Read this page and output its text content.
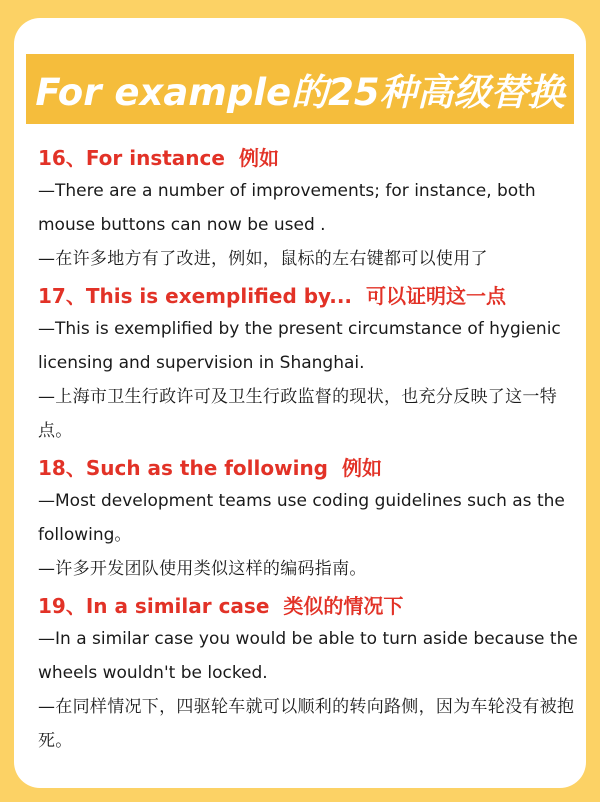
For example的25种高级替换
16、For instance 例如
—There are a number of improvements; for instance, both mouse buttons can now be used .
—在许多地方有了改进，例如，鼠标的左右键都可以使用了
17、This is exemplified by... 可以证明这一点
—This is exemplified by the present circumstance of hygienic licensing and supervision in Shanghai.
—上海市卫生行政许可及卫生行政监督的现状，也充分反映了这一特点。
18、Such as the following 例如
—Most development teams use coding guidelines such as the following。
—许多开发团队使用类似这样的编码指南。
19、In a similar case 类似的情况下
—In a similar case you would be able to turn aside because the wheels wouldn't be locked.
—在同样情况下，四驱轮车就可以顺利的转向路侧，因为车轮没有被抱死。
